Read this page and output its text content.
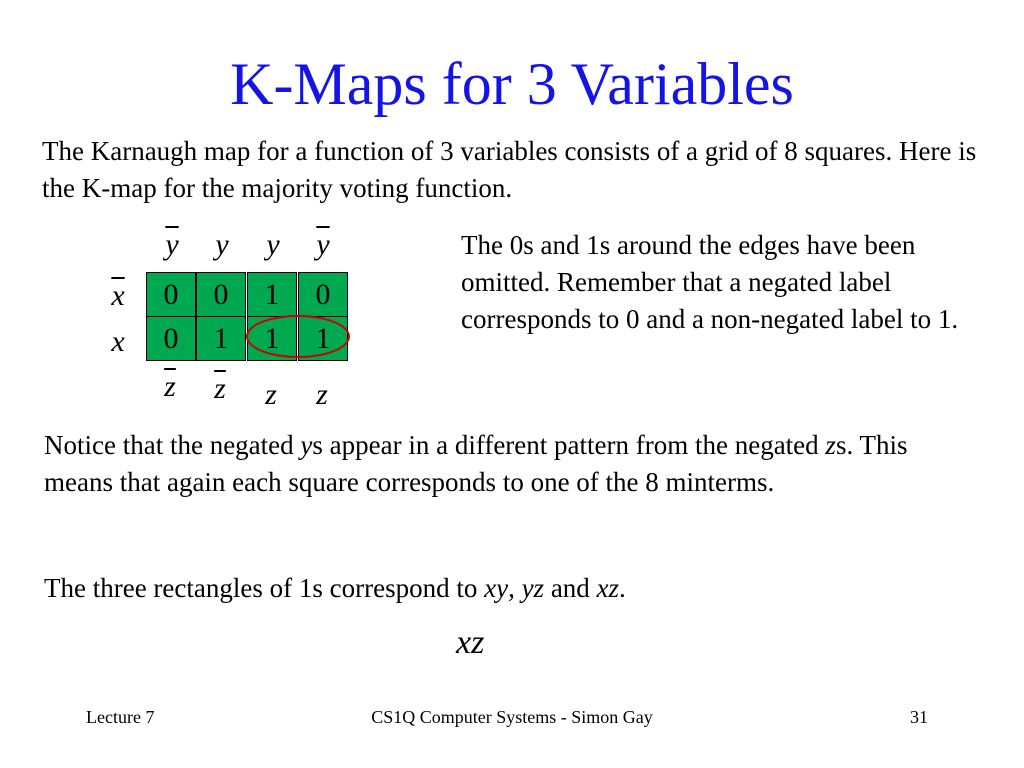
K-Maps for 3 Variables
The Karnaugh map for a function of 3 variables consists of a grid of 8 squares. Here is the K-map for the majority voting function.
$\overline{y}$	y	y	$\overline{y}$
$\overline{x}$
x
0	0	1	0
0	1	1	1
$\overline{z}$	$\overline{z}$	z	z
The 0s and 1s around the edges have been omitted. Remember that a negated label corresponds to 0 and a non-negated label to 1.
Notice that the negated ys appear in a different pattern from the negated zs. This means that again each square corresponds to one of the 8 minterms.
The three rectangles of 1s correspond to xy, yz and xz.
xz
Lecture 7	CS1Q Computer Systems - Simon Gay	31
